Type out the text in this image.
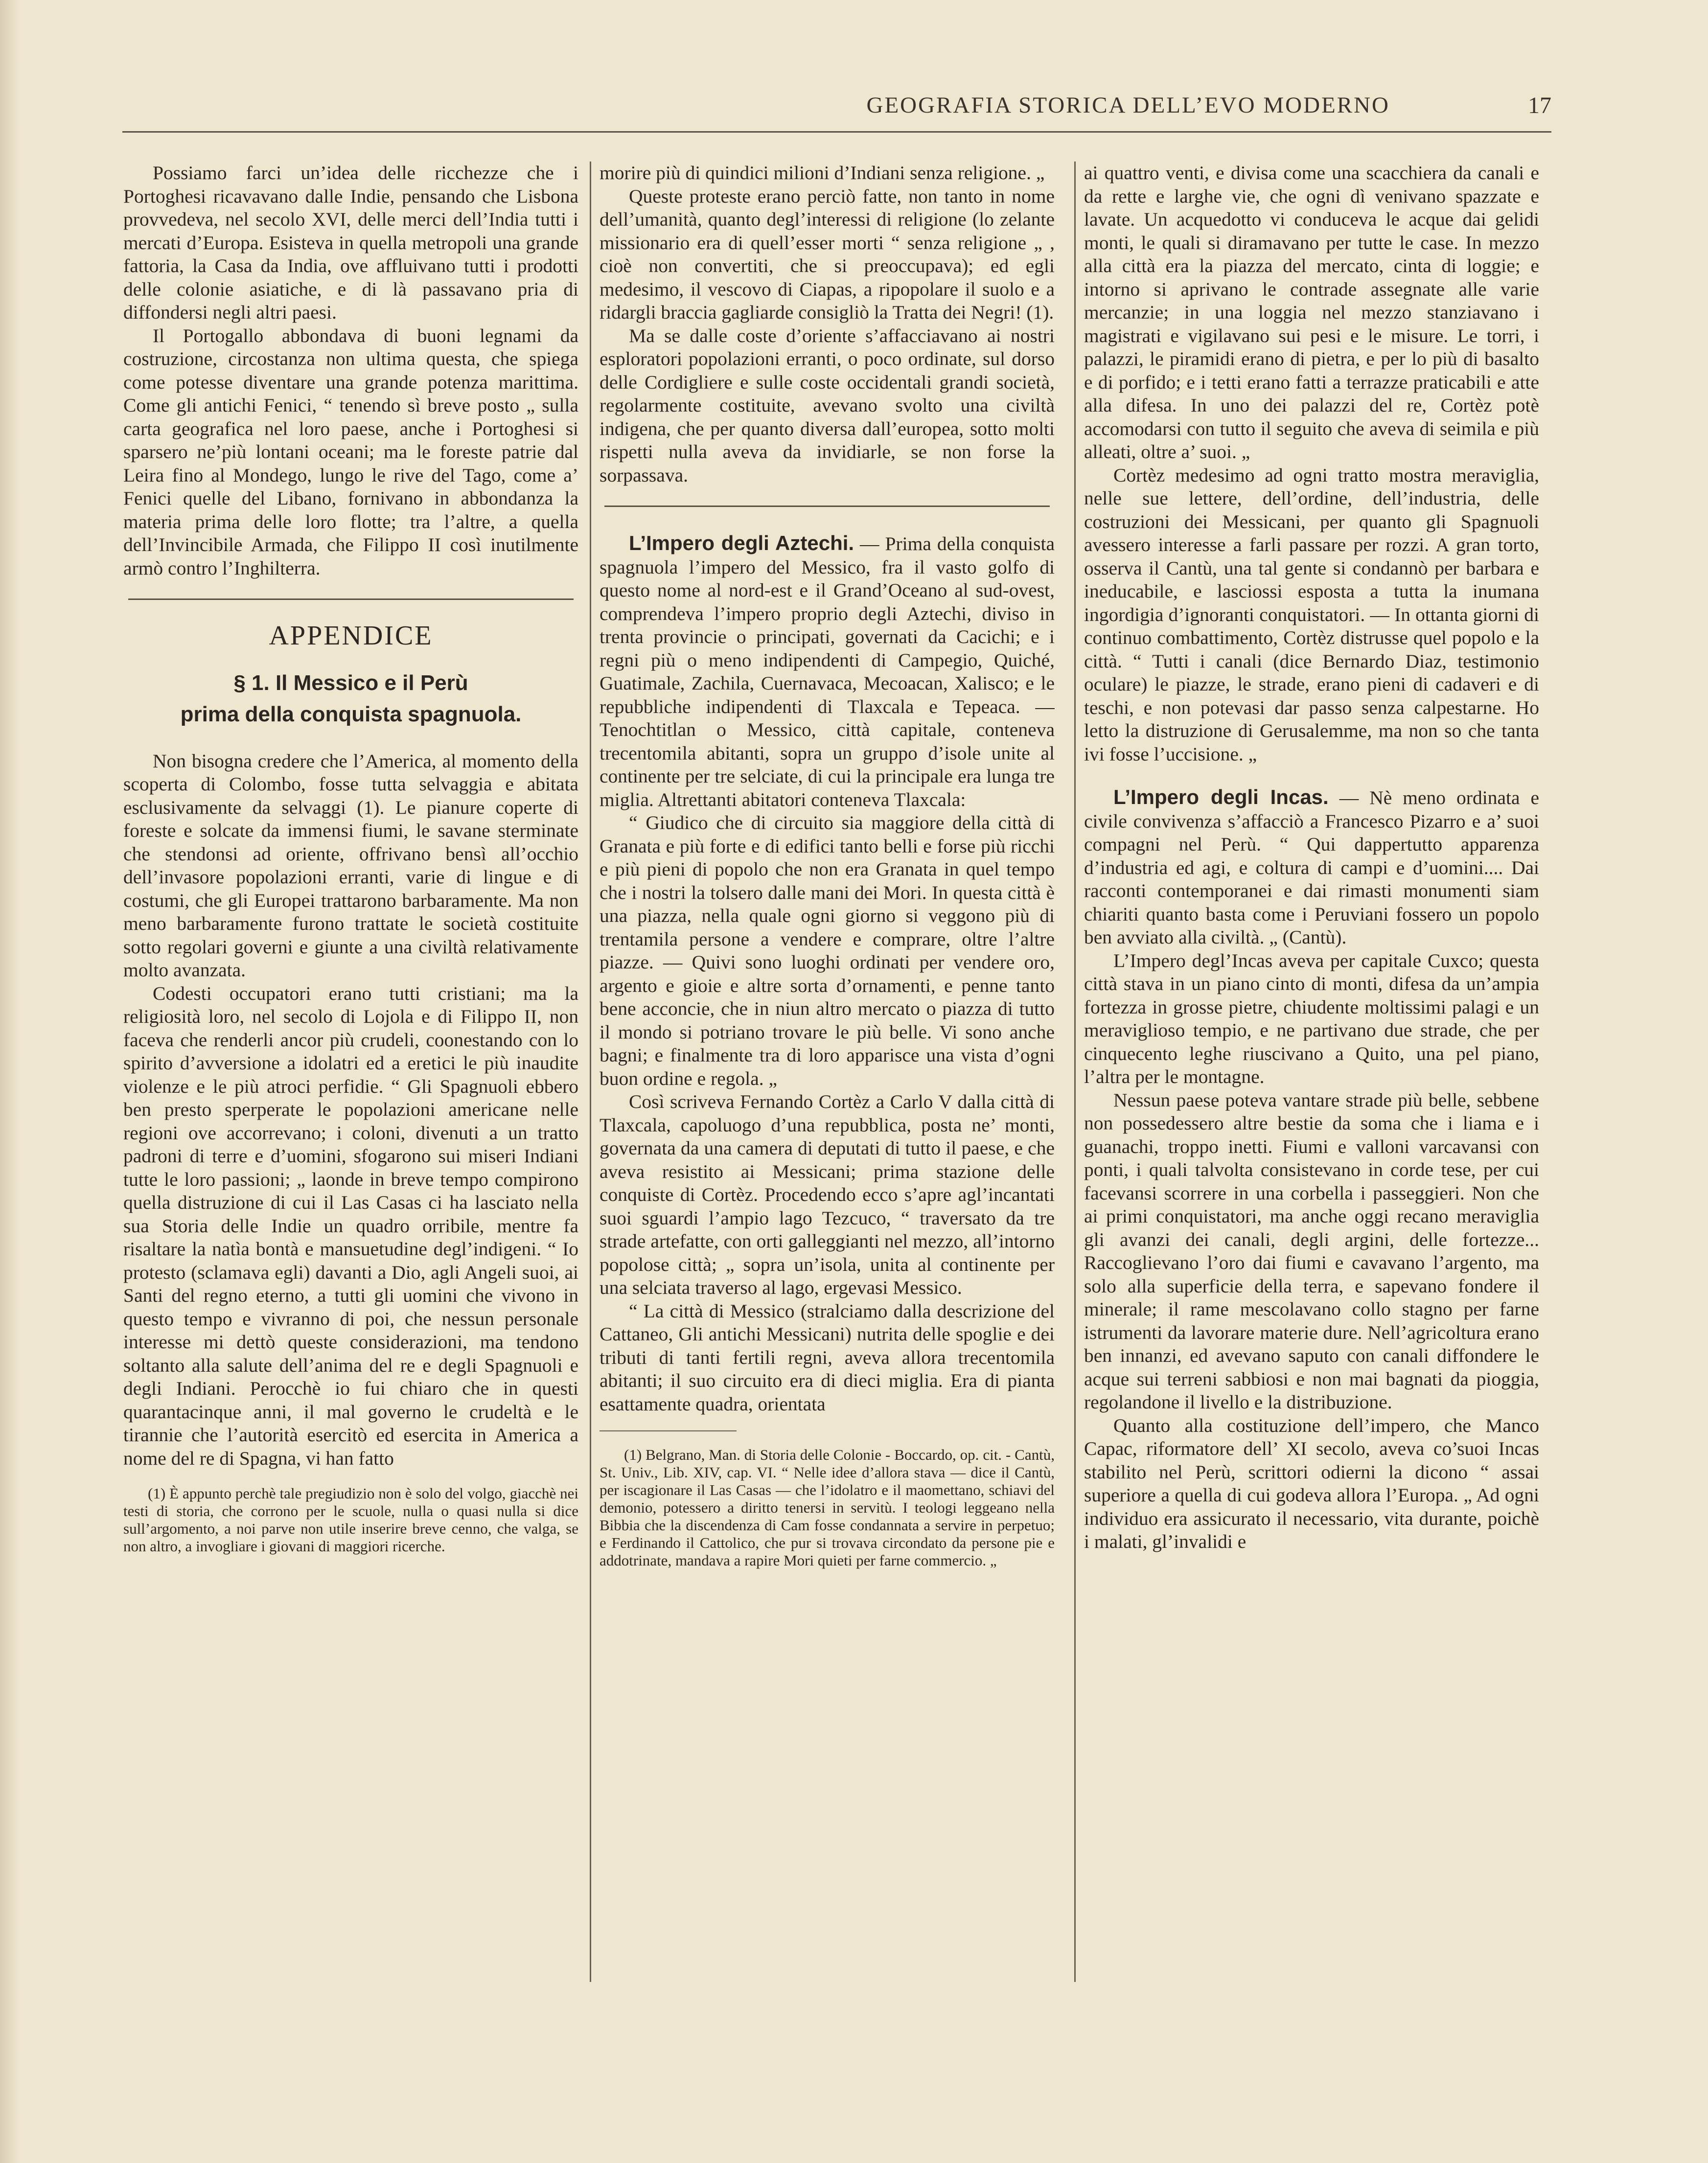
GEOGRAFIA STORICA DELL’EVO MODERNO	17

Possiamo farci un’idea delle ricchezze che i Portoghesi ricavavano dalle Indie, pensando che Lisbona provvedeva, nel secolo XVI, delle merci dell’India tutti i mercati d’Europa. Esisteva in quella metropoli una grande fattoria, la Casa da India, ove affluivano tutti i prodotti delle colonie asiatiche, e di là passavano pria di diffondersi negli altri paesi.

Il Portogallo abbondava di buoni legnami da costruzione, circostanza non ultima questa, che spiega come potesse diventare una grande potenza marittima. Come gli antichi Fenici, “ tenendo sì breve posto „ sulla carta geografica nel loro paese, anche i Portoghesi si sparsero ne’più lontani oceani; ma le foreste patrie dal Leira fino al Mondego, lungo le rive del Tago, come a’ Fenici quelle del Libano, fornivano in abbondanza la materia prima delle loro flotte; tra l’altre, a quella dell’Invincibile Armada, che Filippo II così inutilmente armò contro l’Inghilterra.

APPENDICE
§ 1. Il Messico e il Perù
prima della conquista spagnuola.

Non bisogna credere che l’America, al momento della scoperta di Colombo, fosse tutta selvaggia e abitata esclusivamente da selvaggi (1). Le pianure coperte di foreste e solcate da immensi fiumi, le savane sterminate che stendonsi ad oriente, offrivano bensì all’occhio dell’invasore popolazioni erranti, varie di lingue e di costumi, che gli Europei trattarono barbaramente. Ma non meno barbaramente furono trattate le società costituite sotto regolari governi e giunte a una civiltà relativamente molto avanzata.

Codesti occupatori erano tutti cristiani; ma la religiosità loro, nel secolo di Lojola e di Filippo II, non faceva che renderli ancor più crudeli, coonestando con lo spirito d’avversione a idolatri ed a eretici le più inaudite violenze e le più atroci perfidie. “ Gli Spagnuoli ebbero ben presto sperperate le popolazioni americane nelle regioni ove accorrevano; i coloni, divenuti a un tratto padroni di terre e d’uomini, sfogarono sui miseri Indiani tutte le loro passioni; „ laonde in breve tempo compirono quella distruzione di cui il Las Casas ci ha lasciato nella sua Storia delle Indie un quadro orribile, mentre fa risaltare la natìa bontà e mansuetudine degl’indigeni. “ Io protesto (sclamava egli) davanti a Dio, agli Angeli suoi, ai Santi del regno eterno, a tutti gli uomini che vivono in questo tempo e vivranno di poi, che nessun personale interesse mi dettò queste considerazioni, ma tendono soltanto alla salute dell’anima del re e degli Spagnuoli e degli Indiani. Perocchè io fui chiaro che in questi quarantacinque anni, il mal governo le crudeltà e le tirannie che l’autorità esercitò ed esercita in America a nome del re di Spagna, vi han fatto

(1) È appunto perchè tale pregiudizio non è solo del volgo, giacchè nei testi di storia, che corrono per le scuole, nulla o quasi nulla si dice sull’argomento, a noi parve non utile inserire breve cenno, che valga, se non altro, a invogliare i giovani di maggiori ricerche.

morire più di quindici milioni d’Indiani senza religione. „

Queste proteste erano perciò fatte, non tanto in nome dell’umanità, quanto degl’interessi di religione (lo zelante missionario era di quell’esser morti “ senza religione „ , cioè non convertiti, che si preoccupava); ed egli medesimo, il vescovo di Ciapas, a ripopolare il suolo e a ridargli braccia gagliarde consigliò la Tratta dei Negri! (1).

Ma se dalle coste d’oriente s’affacciavano ai nostri esploratori popolazioni erranti, o poco ordinate, sul dorso delle Cordigliere e sulle coste occidentali grandi società, regolarmente costituite, avevano svolto una civiltà indigena, che per quanto diversa dall’europea, sotto molti rispetti nulla aveva da invidiarle, se non forse la sorpassava.

L’Impero degli Aztechi. — Prima della conquista spagnuola l’impero del Messico, fra il vasto golfo di questo nome al nord-est e il Grand’Oceano al sud-ovest, comprendeva l’impero proprio degli Aztechi, diviso in trenta provincie o principati, governati da Cacichi; e i regni più o meno indipendenti di Campegio, Quiché, Guatimale, Zachila, Cuernavaca, Mecoacan, Xalisco; e le repubbliche indipendenti di Tlaxcala e Tepeaca. — Tenochtitlan o Messico, città capitale, conteneva trecentomila abitanti, sopra un gruppo d’isole unite al continente per tre selciate, di cui la principale era lunga tre miglia. Altrettanti abitatori conteneva Tlaxcala:

“ Giudico che di circuito sia maggiore della città di Granata e più forte e di edifici tanto belli e forse più ricchi e più pieni di popolo che non era Granata in quel tempo che i nostri la tolsero dalle mani dei Mori. In questa città è una piazza, nella quale ogni giorno si veggono più di trentamila persone a vendere e comprare, oltre l’altre piazze. — Quivi sono luoghi ordinati per vendere oro, argento e gioie e altre sorta d’ornamenti, e penne tanto bene acconcie, che in niun altro mercato o piazza di tutto il mondo si potriano trovare le più belle. Vi sono anche bagni; e finalmente tra di loro apparisce una vista d’ogni buon ordine e regola. „

Così scriveva Fernando Cortèz a Carlo V dalla città di Tlaxcala, capoluogo d’una repubblica, posta ne’ monti, governata da una camera di deputati di tutto il paese, e che aveva resistito ai Messicani; prima stazione delle conquiste di Cortèz. Procedendo ecco s’apre agl’incantati suoi sguardi l’ampio lago Tezcuco, “ traversato da tre strade artefatte, con orti galleggianti nel mezzo, all’intorno popolose città; „ sopra un’isola, unita al continente per una selciata traverso al lago, ergevasi Messico.

“ La città di Messico (stralciamo dalla descrizione del Cattaneo, Gli antichi Messicani) nutrita delle spoglie e dei tributi di tanti fertili regni, aveva allora trecentomila abitanti; il suo circuito era di dieci miglia. Era di pianta esattamente quadra, orientata

(1) Belgrano, Man. di Storia delle Colonie - Boccardo, op. cit. - Cantù, St. Univ., Lib. XIV, cap. VI. “ Nelle idee d’allora stava — dice il Cantù, per iscagionare il Las Casas — che l’idolatro e il maomettano, schiavi del demonio, potessero a diritto tenersi in servitù. I teologi leggeano nella Bibbia che la discendenza di Cam fosse condannata a servire in perpetuo; e Ferdinando il Cattolico, che pur si trovava circondato da persone pie e addotrinate, mandava a rapire Mori quieti per farne commercio. „

ai quattro venti, e divisa come una scacchiera da canali e da rette e larghe vie, che ogni dì venivano spazzate e lavate. Un acquedotto vi conduceva le acque dai gelidi monti, le quali si diramavano per tutte le case. In mezzo alla città era la piazza del mercato, cinta di loggie; e intorno si aprivano le contrade assegnate alle varie mercanzie; in una loggia nel mezzo stanziavano i magistrati e vigilavano sui pesi e le misure. Le torri, i palazzi, le piramidi erano di pietra, e per lo più di basalto e di porfido; e i tetti erano fatti a terrazze praticabili e atte alla difesa. In uno dei palazzi del re, Cortèz potè accomodarsi con tutto il seguito che aveva di seimila e più alleati, oltre a’ suoi. „

Cortèz medesimo ad ogni tratto mostra meraviglia, nelle sue lettere, dell’ordine, dell’industria, delle costruzioni dei Messicani, per quanto gli Spagnuoli avessero interesse a farli passare per rozzi. A gran torto, osserva il Cantù, una tal gente si condannò per barbara e ineducabile, e lasciossi esposta a tutta la inumana ingordigia d’ignoranti conquistatori. — In ottanta giorni di continuo combattimento, Cortèz distrusse quel popolo e la città. “ Tutti i canali (dice Bernardo Diaz, testimonio oculare) le piazze, le strade, erano pieni di cadaveri e di teschi, e non potevasi dar passo senza calpestarne. Ho letto la distruzione di Gerusalemme, ma non so che tanta ivi fosse l’uccisione. „

L’Impero degli Incas. — Nè meno ordinata e civile convivenza s’affacciò a Francesco Pizarro e a’ suoi compagni nel Perù. “ Qui dappertutto apparenza d’industria ed agi, e coltura di campi e d’uomini.... Dai racconti contemporanei e dai rimasti monumenti siam chiariti quanto basta come i Peruviani fossero un popolo ben avviato alla civiltà. „ (Cantù).

L’Impero degl’Incas aveva per capitale Cuxco; questa città stava in un piano cinto di monti, difesa da un’ampia fortezza in grosse pietre, chiudente moltissimi palagi e un meraviglioso tempio, e ne partivano due strade, che per cinquecento leghe riuscivano a Quito, una pel piano, l’altra per le montagne.

Nessun paese poteva vantare strade più belle, sebbene non possedessero altre bestie da soma che i liama e i guanachi, troppo inetti. Fiumi e valloni varcavansi con ponti, i quali talvolta consistevano in corde tese, per cui facevansi scorrere in una corbella i passeggieri. Non che ai primi conquistatori, ma anche oggi recano meraviglia gli avanzi dei canali, degli argini, delle fortezze... Raccoglievano l’oro dai fiumi e cavavano l’argento, ma solo alla superficie della terra, e sapevano fondere il minerale; il rame mescolavano collo stagno per farne istrumenti da lavorare materie dure. Nell’agricoltura erano ben innanzi, ed avevano saputo con canali diffondere le acque sui terreni sabbiosi e non mai bagnati da pioggia, regolandone il livello e la distribuzione.

Quanto alla costituzione dell’impero, che Manco Capac, riformatore dell’ XI secolo, aveva co’suoi Incas stabilito nel Perù, scrittori odierni la dicono “ assai superiore a quella di cui godeva allora l’Europa. „ Ad ogni individuo era assicurato il necessario, vita durante, poichè i malati, gl’invalidi e
